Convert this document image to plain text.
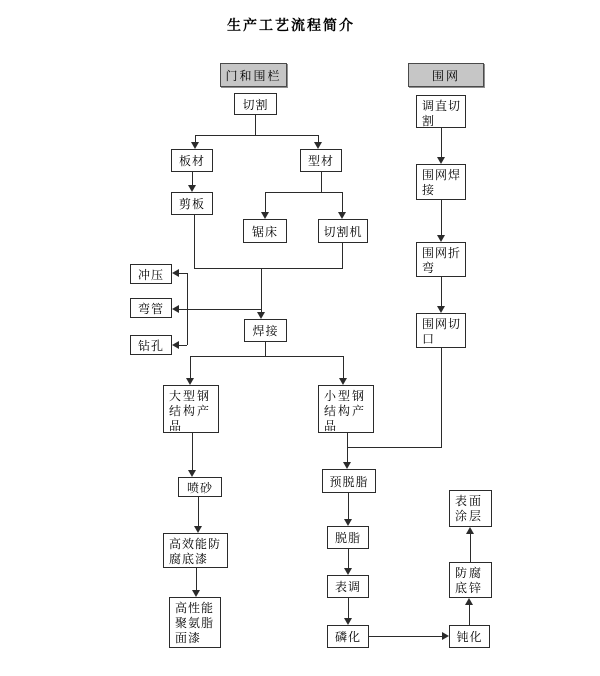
生产工艺流程简介
门和围栏	围网
切割
板材	型材
剪板
锯床	切割机
冲压
弯管
钻孔
焊接
大型钢结构产品
小型钢结构产品
喷砂
高效能防腐底漆
高性能聚氨脂面漆
预脱脂
脱脂
表调
磷化	钝化
防腐底锌
表面涂层
调直切割
围网焊接
围网折弯
围网切口
